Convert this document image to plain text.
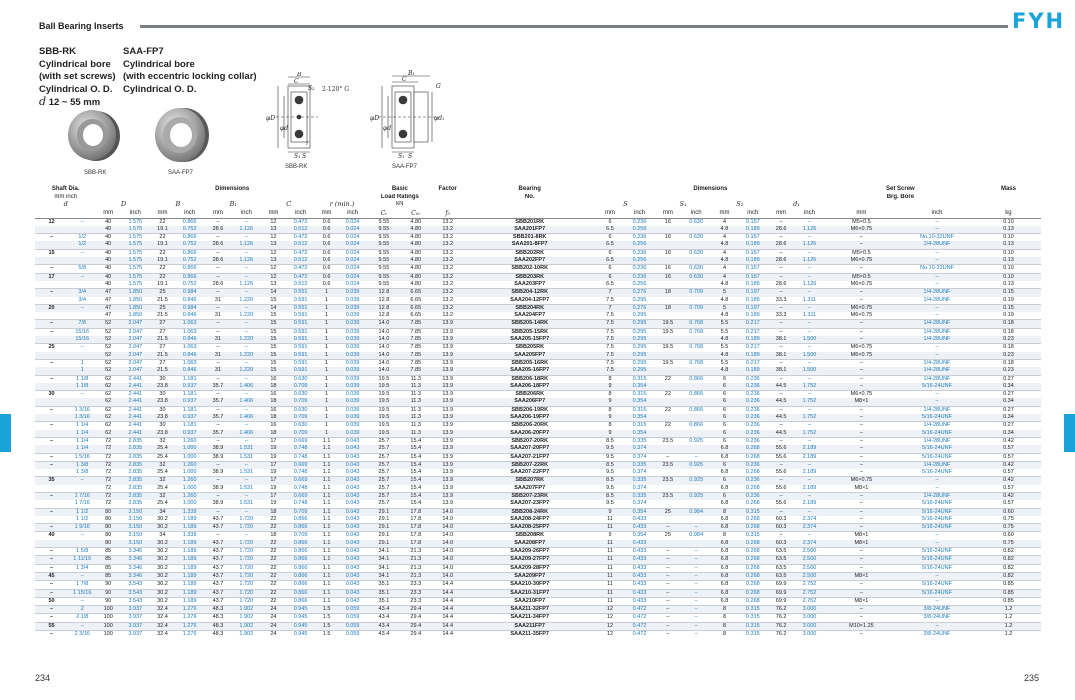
Ball Bearing Inserts	FYH
SBB-RK
Cylindrical bore
(with set screws)
Cylindrical O. D.
d 12 ~ 55 mm
SAA-FP7
Cylindrical bore
(with eccentric locking collar)
Cylindrical O. D.
SBB-RK	SAA-FP7
B
C
S₂
φD
φd
S₁ S
r
2-120° G
SBB-RK
B₁
C
G
φD
φd
φd₁
S₁ S
SAA-FP7
Shaft Dia.		Dimensions										Basic		Factor	Bearing	Dimensions								Set Screw		Mass
mm inch												Load Ratings			No.									Brg. Bore		
d		D		B		B₁		C		r (min.)		kN				S		S₁		S₂		d₁				
		mm	inch	mm	inch	mm	inch	mm	inch	mm	inch	Cᵣ	C₀ᵣ	f₀		mm	inch	mm	inch	mm	inch	mm	inch	mm	inch	kg
12	–	40	1.575	22	0.866	–	–	12	0.472	0.6	0.024	9.55	4.80	13.2	SBB201RK	6	0.236	16	0.630	4	0.157	–	–	M5×0.5	–	0.10
		40	1.575	19.1	0.752	28.6	1.126	13	0.512	0.6	0.024	9.55	4.80	13.2	SAA201FP7	6.5	0.256			4.8	0.189	28.6	1.126	M6×0.75	–	0.13
–	1/2	40	1.575	22	0.866	–	–	12	0.472	0.6	0.024	9.55	4.80	13.2	SBB201-8RK	6	0.236	16	0.630	4	0.157	–	–	–	No.10-32UNF	0.10
	1/2	40	1.575	19.1	0.752	28.6	1.126	13	0.512	0.6	0.024	9.55	4.80	13.2	SAA201-8FP7	6.5	0.256			4.8	0.189	28.6	1.126	–	1/4-28UNF	0.13
15	–	40	1.575	22	0.866	–	–	12	0.472	0.6	0.024	9.55	4.80	13.2	SBB202RK	6	0.236	16	0.630	4	0.157	–	–	M5×0.5	–	0.10
		40	1.575	19.1	0.752	28.6	1.126	13	0.512	0.6	0.024	9.55	4.80	13.2	SAA202FP7	6.5	0.256			4.8	0.189	28.6	1.126	M6×0.75	–	0.13
–	5/8	40	1.575	22	0.866	–	–	12	0.472	0.6	0.024	9.55	4.80	13.2	SBB202-10RK	6	0.236	16	0.630	4	0.157	–	–	–	No.10-32UNF	0.10
17	–	40	1.575	22	0.866	–	–	12	0.472	0.6	0.024	9.55	4.80	13.2	SBB203RK	6	0.236	16	0.630	4	0.157	–	–	M5×0.5	–	0.10
		40	1.575	19.1	0.752	28.6	1.126	13	0.512	0.6	0.024	9.55	4.80	13.2	SAA203FP7	6.5	0.256			4.8	0.189	28.6	1.126	M6×0.75	–	0.13
–	3/4	47	1.850	25	0.984	–	–	14	0.551	1	0.039	12.8	6.65	13.2	SBB204-12RK	7	0.276	18	0.709	5	0.197	–	–	–	1/4-28UNF	0.15
	3/4	47	1.850	21.5	0.846	31	1.220	15	0.591	1	0.039	12.8	6.65	13.2	SAA204-12FP7	7.5	0.295			4.8	0.189	33.3	1.311	–	1/4-28UNF	0.19
20	–	47	1.850	25	0.984	–	–	14	0.551	1	0.039	12.8	6.65	13.2	SBB204RK	7	0.276	18	0.709	5	0.197	–	–	M6×0.75	–	0.15
		47	1.850	21.5	0.846	31	1.220	15	0.591	1	0.039	12.8	6.65	13.2	SAA204FP7	7.5	0.295			4.8	0.189	33.3	1.311	M6×0.75	–	0.19
–	7/8	52	2.047	27	1.063	–	–	15	0.591	1	0.039	14.0	7.85	13.9	SBB205-14RK	7.5	0.295	19.5	0.768	5.5	0.217	–	–	–	1/4-28UNF	0.18
–	15/16	52	2.047	27	1.063	–	–	15	0.591	1	0.039	14.0	7.85	13.9	SBB205-15RK	7.5	0.295	19.5	0.768	5.5	0.217	–	–	–	1/4-28UNF	0.18
	15/16	52	2.047	21.5	0.846	31	1.220	15	0.591	1	0.039	14.0	7.85	13.9	SAA205-15FP7	7.5	0.295			4.8	0.189	38.1	1.500	–	1/4-28UNF	0.23
25	–	52	2.047	27	1.063	–	–	15	0.591	1	0.039	14.0	7.85	13.9	SBB205RK	7.5	0.295	19.5	0.768	5.5	0.217	–	–	M6×0.75	–	0.18
		52	2.047	21.5	0.846	31	1.220	15	0.591	1	0.039	14.0	7.85	13.9	SAA205FP7	7.5	0.295			4.8	0.189	38.1	1.500	M6×0.75	–	0.23
–	1	52	2.047	27	1.063	–	–	15	0.591	1	0.039	14.0	7.85	13.9	SBB205-16RK	7.5	0.295	19.5	0.768	5.5	0.217	–	–	–	1/4-28UNF	0.18
	1	52	2.047	21.5	0.846	31	1.220	15	0.591	1	0.039	14.0	7.85	13.9	SAA205-16FP7	7.5	0.295			4.8	0.189	38.1	1.500	–	1/4-28UNF	0.23
–	1 1/8	62	2.441	30	1.181	–	–	16	0.630	1	0.039	19.5	11.3	13.9	SBB206-18RK	8	0.315	22	0.866	6	0.236	–	–	–	1/4-28UNF	0.27
	1 1/8	62	2.441	23.8	0.937	35.7	1.406	18	0.709	1	0.039	19.5	11.3	13.9	SAA206-18FP7	9	0.354			6	0.236	44.5	1.752	–	5/16-24UNF	0.34
30	–	62	2.441	30	1.181	–	–	16	0.630	1	0.039	19.5	11.3	13.9	SBB206RK	8	0.315	22	0.866	6	0.236	–	–	M6×0.75	–	0.27
		62	2.441	23.8	0.937	35.7	1.406	18	0.709	1	0.039	19.5	11.3	13.9	SAA206FP7	9	0.354			6	0.236	44.5	1.752	M8×1	–	0.34
–	1 3/16	62	2.441	30	1.181	–	–	16	0.630	1	0.039	19.5	11.3	13.9	SBB206-19RK	8	0.315	22	0.866	6	0.236	–	–	–	1/4-28UNF	0.27
	1 3/16	62	2.441	23.8	0.937	35.7	1.406	18	0.709	1	0.039	19.5	11.3	13.9	SAA206-19FP7	9	0.354			6	0.236	44.5	1.752	–	5/16-24UNF	0.34
–	1 1/4	62	2.441	30	1.181	–	–	16	0.630	1	0.039	19.5	11.3	13.9	SBB206-20RK	8	0.315	22	0.866	6	0.236	–	–	–	1/4-28UNF	0.27
	1 1/4	62	2.441	23.8	0.937	35.7	1.406	18	0.709	1	0.039	19.5	11.3	13.9	SAA206-20FP7	9	0.354			6	0.236	44.5	1.752	–	5/16-24UNF	0.34
–	1 1/4	72	2.835	32	1.260	–	–	17	0.669	1.1	0.043	25.7	15.4	13.9	SBB207-20RK	8.5	0.335	23.5	0.925	6	0.236	–	–	–	1/4-28UNF	0.42
	1 1/4	72	2.835	25.4	1.000	38.9	1.531	19	0.748	1.1	0.043	25.7	15.4	13.9	SAA207-20FP7	9.5	0.374			6.8	0.268	55.6	2.189	–	5/16-24UNF	0.57
–	1 5/16	72	2.835	25.4	1.000	38.9	1.531	19	0.748	1.1	0.043	25.7	15.4	13.9	SAA207-21FP7	9.5	0.374	–	–	6.8	0.268	55.6	2.189	–	5/16-24UNF	0.57
–	1 3/8	72	2.835	32	1.260	–	–	17	0.669	1.1	0.043	25.7	15.4	13.9	SBB207-22RK	8.5	0.335	23.5	0.925	6	0.236	–	–	–	1/4-28UNF	0.42
	1 3/8	72	2.835	25.4	1.000	38.9	1.531	19	0.748	1.1	0.043	25.7	15.4	13.9	SAA207-22FP7	9.5	0.374			6.8	0.268	55.6	2.189	–	5/16-24UNF	0.57
35	–	72	2.835	32	1.260	–	–	17	0.669	1.1	0.043	25.7	15.4	13.9	SBB207RK	8.5	0.335	23.5	0.925	6	0.236	–	–	M6×0.75	–	0.42
		72	2.835	25.4	1.000	38.9	1.531	19	0.748	1.1	0.043	25.7	15.4	13.9	SAA207FP7	9.5	0.374			6.8	0.268	55.6	2.189	M8×1	–	0.57
–	1 7/16	72	2.835	32	1.260	–	–	17	0.669	1.1	0.043	25.7	15.4	13.9	SBB207-23RK	8.5	0.335	23.5	0.925	6	0.236	–	–	–	1/4-28UNF	0.42
	1 7/16	72	2.835	25.4	1.000	38.9	1.531	19	0.748	1.1	0.043	25.7	15.4	13.9	SAA207-23FP7	9.5	0.374			6.8	0.268	55.6	2.189	–	5/16-24UNF	0.57
–	1 1/2	80	3.150	34	1.339	–	–	18	0.709	1.1	0.043	29.1	17.8	14.0	SBB208-24RK	9	0.354	25	0.984	8	0.315	–	–	–	5/16-24UNF	0.60
	1 1/2	80	3.150	30.2	1.189	43.7	1.720	22	0.866	1.1	0.043	29.1	17.8	14.0	SAA208-24FP7	11	0.433			6.8	0.268	60.3	2.374	–	5/16-24UNF	0.75
–	1 9/16	80	3.150	30.2	1.189	43.7	1.720	22	0.866	1.1	0.043	29.1	17.8	14.0	SAA208-25FP7	11	0.433	–	–	6.8	0.268	60.3	2.374	–	5/16-24UNF	0.75
40	–	80	3.150	34	1.339	–	–	18	0.709	1.1	0.043	29.1	17.8	14.0	SBB208RK	9	0.354	25	0.984	8	0.315	–	–	M8×1	–	0.60
		80	3.150	30.2	1.189	43.7	1.720	22	0.866	1.1	0.043	29.1	17.8	14.0	SAA208FP7	11	0.433			6.8	0.268	60.3	2.374	M8×1	–	0.75
–	1 5/8	85	3.346	30.2	1.189	43.7	1.720	22	0.866	1.1	0.043	34.1	21.3	14.0	SAA209-26FP7	11	0.433	–	–	6.8	0.268	63.5	2.500	–	5/16-24UNF	0.82
–	1 11/16	85	3.346	30.2	1.189	43.7	1.720	22	0.866	1.1	0.043	34.1	21.3	14.0	SAA209-27FP7	11	0.433	–	–	6.8	0.268	63.5	2.500	–	5/16-24UNF	0.82
–	1 3/4	85	3.346	30.2	1.189	43.7	1.720	22	0.866	1.1	0.043	34.1	21.3	14.0	SAA209-28FP7	11	0.433	–	–	6.8	0.268	63.5	2.500	–	5/16-24UNF	0.82
45	–	85	3.346	30.2	1.189	43.7	1.720	22	0.866	1.1	0.043	34.1	21.3	14.0	SAA209FP7	11	0.433	–	–	6.8	0.268	63.5	2.500	M8×1	–	0.82
–	1 7/8	90	3.543	30.2	1.189	43.7	1.720	22	0.866	1.1	0.043	35.1	23.3	14.4	SAA210-30FP7	11	0.433	–	–	6.8	0.268	69.9	2.752	–	5/16-24UNF	0.85
–	1 15/16	90	3.543	30.2	1.189	43.7	1.720	22	0.866	1.1	0.043	35.1	23.3	14.4	SAA210-31FP7	11	0.433	–	–	6.8	0.268	69.9	2.752	–	5/16-24UNF	0.85
50	–	90	3.543	30.2	1.189	43.7	1.720	22	0.866	1.1	0.043	35.1	23.3	14.4	SAA210FP7	11	0.433	–	–	6.8	0.268	69.9	2.752	M8×1	–	0.85
–	2	100	3.937	32.4	1.276	48.3	1.902	24	0.945	1.5	0.059	43.4	29.4	14.4	SAA211-32FP7	12	0.472	–	–	8	0.315	76.2	3.000	–	3/8-24UNF	1.2
–	2 1/8	100	3.937	32.4	1.276	48.3	1.902	24	0.945	1.5	0.059	43.4	29.4	14.4	SAA211-34FP7	12	0.472	–	–	8	0.315	76.2	3.000	–	3/8-24UNF	1.2
55	–	100	3.937	32.4	1.276	48.3	1.902	24	0.945	1.5	0.059	43.4	29.4	14.4	SAA211FP7	12	0.472	–	–	8	0.315	76.2	3.000	M10×1.25	–	1.2
–	2 3/16	100	3.937	32.4	1.276	48.3	1.902	24	0.945	1.5	0.059	43.4	29.4	14.4	SAA211-35FP7	12	0.472	–	–	8	0.315	76.2	3.000	–	3/8-24UNF	1.2
234	235
